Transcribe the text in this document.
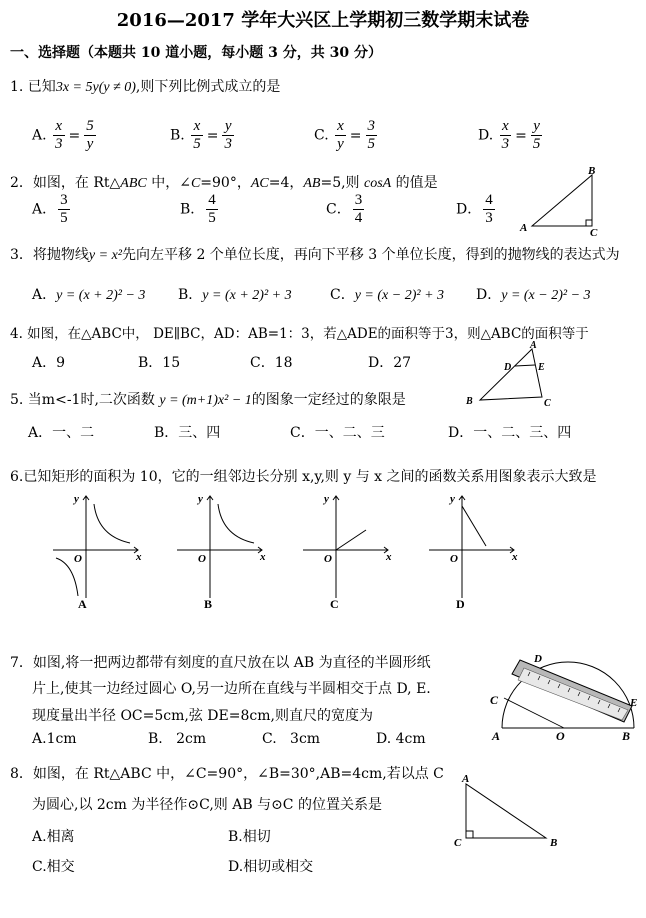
2016—2017 学年大兴区上学期初三数学期末试卷
一、选择题（本题共 10 道小题，每小题 3 分，共 30 分）
1. 已知3x = 5y(y ≠ 0),则下列比例式成立的是
A. $\frac{x}{3} = \frac{5}{y}$	B. $\frac{x}{5} = \frac{y}{3}$	C. $\frac{x}{y} = \frac{3}{5}$	D. $\frac{x}{3} = \frac{y}{5}$
2．如图，在 Rt△ABC 中，∠C=90°，AC=4，AB=5,则 cosA 的值是
A． $\frac{3}{5}$	B． $\frac{4}{5}$	C． $\frac{3}{4}$	D． $\frac{4}{3}$
A
B
C
3．将抛物线y = x²先向左平移 2 个单位长度，再向下平移 3 个单位长度，得到的抛物线的表达式为
A．y = (x + 2)² − 3 B．y = (x + 2)² + 3	C．y = (x − 2)² + 3 D．y = (x − 2)² − 3
4. 如图，在△ABC中， DE∥BC，AD：AB=1：3，若△ADE的面积等于3，则△ABC的面积等于
A．9	B．15	C．18	D．27
A
B	C
D	E
5. 当m<-1时,二次函数 y = (m+1)x² − 1的图象一定经过的象限是
A．一、二	B．三、四	C．一、二、三	D．一、二、三、四
6.已知矩形的面积为 10，它的一组邻边长分别 x,y,则 y 与 x 之间的函数关系用图象表示大致是
y
x
O
A
y
x
O
B
y
x
O
C
y
x
O
D
7．如图,将一把两边都带有刻度的直尺放在以 AB 为直径的半圆形纸
片上,使其一边经过圆心 O,另一边所在直线与半圆相交于点 D, E.
现度量出半径 OC=5cm,弦 DE=8cm,则直尺的宽度为
A.1cm	B. 2cm	C. 3cm	D. 4cm
D
E
C
A	O	B
8．如图，在 Rt△ABC 中，∠C=90°，∠B=30°,AB=4cm,若以点 C
为圆心,以 2cm 为半径作⊙C,则 AB 与⊙C 的位置关系是
A.相离	B.相切
C.相交	D.相切或相交
A
C	B
